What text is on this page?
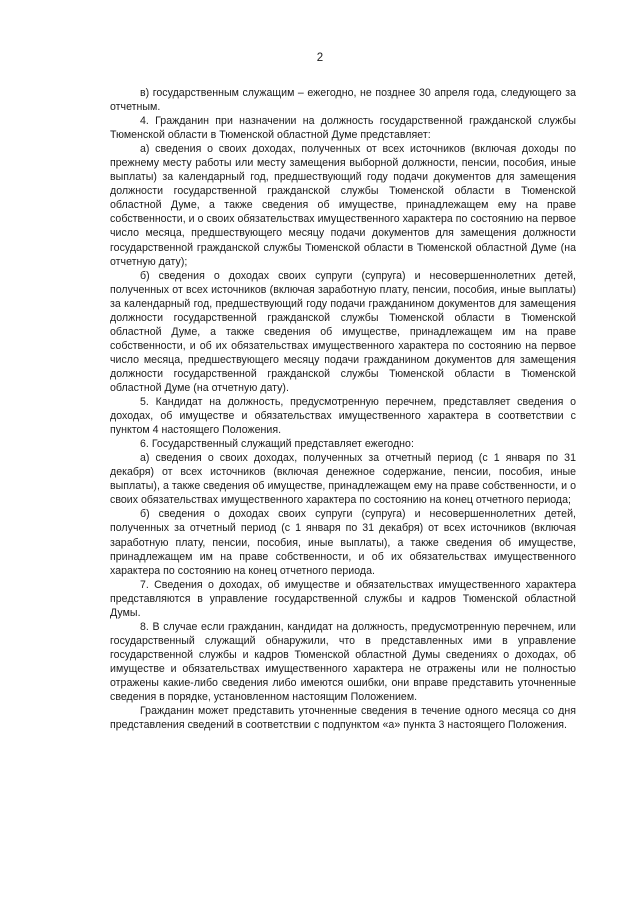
2

в) государственным служащим – ежегодно, не позднее 30 апреля года, следующего за отчетным.

4. Гражданин при назначении на должность государственной гражданской службы Тюменской области в Тюменской областной Думе представляет:

а) сведения о своих доходах, полученных от всех источников (включая доходы по прежнему месту работы или месту замещения выборной должности, пенсии, пособия, иные выплаты) за календарный год, предшествующий году подачи документов для замещения должности государственной гражданской службы Тюменской области в Тюменской областной Думе, а также сведения об имуществе, принадлежащем ему на праве собственности, и о своих обязательствах имущественного характера по состоянию на первое число месяца, предшествующего месяцу подачи документов для замещения должности государственной гражданской службы Тюменской области в Тюменской областной Думе (на отчетную дату);

б) сведения о доходах своих супруги (супруга) и несовершеннолетних детей, полученных от всех источников (включая заработную плату, пенсии, пособия, иные выплаты) за календарный год, предшествующий году подачи гражданином документов для замещения должности государственной гражданской службы Тюменской области в Тюменской областной Думе, а также сведения об имуществе, принадлежащем им на праве собственности, и об их обязательствах имущественного характера по состоянию на первое число месяца, предшествующего месяцу подачи гражданином документов для замещения должности государственной гражданской службы Тюменской области в Тюменской областной Думе (на отчетную дату).

5. Кандидат на должность, предусмотренную перечнем, представляет сведения о доходах, об имуществе и обязательствах имущественного характера в соответствии с пунктом 4 настоящего Положения.

6. Государственный служащий представляет ежегодно:

а) сведения о своих доходах, полученных за отчетный период (с 1 января по 31 декабря) от всех источников (включая денежное содержание, пенсии, пособия, иные выплаты), а также сведения об имуществе, принадлежащем ему на праве собственности, и о своих обязательствах имущественного характера по состоянию на конец отчетного периода;

б) сведения о доходах своих супруги (супруга) и несовершеннолетних детей, полученных за отчетный период (с 1 января по 31 декабря) от всех источников (включая заработную плату, пенсии, пособия, иные выплаты), а также сведения об имуществе, принадлежащем им на праве собственности, и об их обязательствах имущественного характера по состоянию на конец отчетного периода.

7. Сведения о доходах, об имуществе и обязательствах имущественного характера представляются в управление государственной службы и кадров Тюменской областной Думы.

8. В случае если гражданин, кандидат на должность, предусмотренную перечнем, или государственный служащий обнаружили, что в представленных ими в управление государственной службы и кадров Тюменской областной Думы сведениях о доходах, об имуществе и обязательствах имущественного характера не отражены или не полностью отражены какие-либо сведения либо имеются ошибки, они вправе представить уточненные сведения в порядке, установленном настоящим Положением.

Гражданин может представить уточненные сведения в течение одного месяца со дня представления сведений в соответствии с подпунктом «а» пункта 3 настоящего Положения.
